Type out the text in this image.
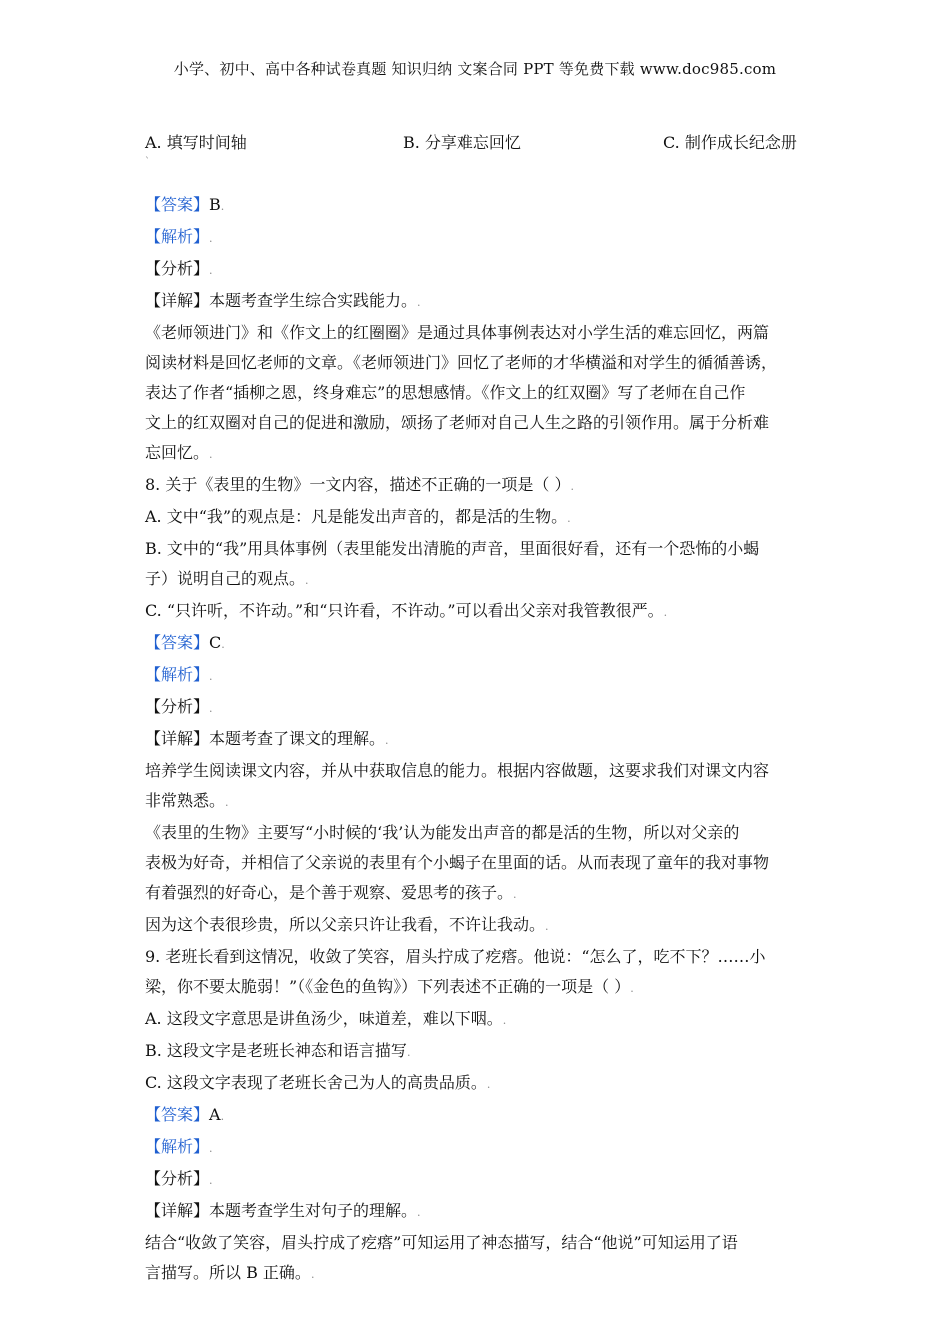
小学、初中、高中各种试卷真题 知识归纳 文案合同 PPT 等免费下载 www.doc985.com
A. 填写时间轴	B. 分享难忘回忆	C. 制作成长纪念册
`
【答案】B.
【解析】.
【分析】.
【详解】本题考查学生综合实践能力。.
《老师领进门》和《作文上的红圈圈》是通过具体事例表达对小学生活的难忘回忆，两篇
阅读材料是回忆老师的文章。《老师领进门》回忆了老师的才华横溢和对学生的循循善诱，
表达了作者“插柳之恩，终身难忘”的思想感情。《作文上的红双圈》写了老师在自己作
文上的红双圈对自己的促进和激励，颂扬了老师对自己人生之路的引领作用。属于分析难
忘回忆。.
8. 关于《表里的生物》一文内容，描述不正确的一项是（ ）.
A. 文中“我”的观点是：凡是能发出声音的，都是活的生物。.
B. 文中的“我”用具体事例（表里能发出清脆的声音，里面很好看，还有一个恐怖的小蝎
子）说明自己的观点。.
C. “只许听，不许动。”和“只许看，不许动。”可以看出父亲对我管教很严。.
【答案】C.
【解析】.
【分析】.
【详解】本题考查了课文的理解。.
培养学生阅读课文内容，并从中获取信息的能力。根据内容做题，这要求我们对课文内容
非常熟悉。.
《表里的生物》主要写“小时候的‘我’认为能发出声音的都是活的生物，所以对父亲的
表极为好奇，并相信了父亲说的表里有个小蝎子在里面的话。从而表现了童年的我对事物
有着强烈的好奇心，是个善于观察、爱思考的孩子。.
因为这个表很珍贵，所以父亲只许让我看，不许让我动。.
9. 老班长看到这情况，收敛了笑容，眉头拧成了疙瘩。他说：“怎么了，吃不下？……小
梁，你不要太脆弱！”（《金色的鱼钩》）下列表述不正确的一项是（ ）.
A. 这段文字意思是讲鱼汤少，味道差，难以下咽。.
B. 这段文字是老班长神态和语言描写.
C. 这段文字表现了老班长舍己为人的高贵品质。.
【答案】A.
【解析】.
【分析】.
【详解】本题考查学生对句子的理解。.
结合“收敛了笑容，眉头拧成了疙瘩”可知运用了神态描写，结合“他说”可知运用了语
言描写。所以 B 正确。.
